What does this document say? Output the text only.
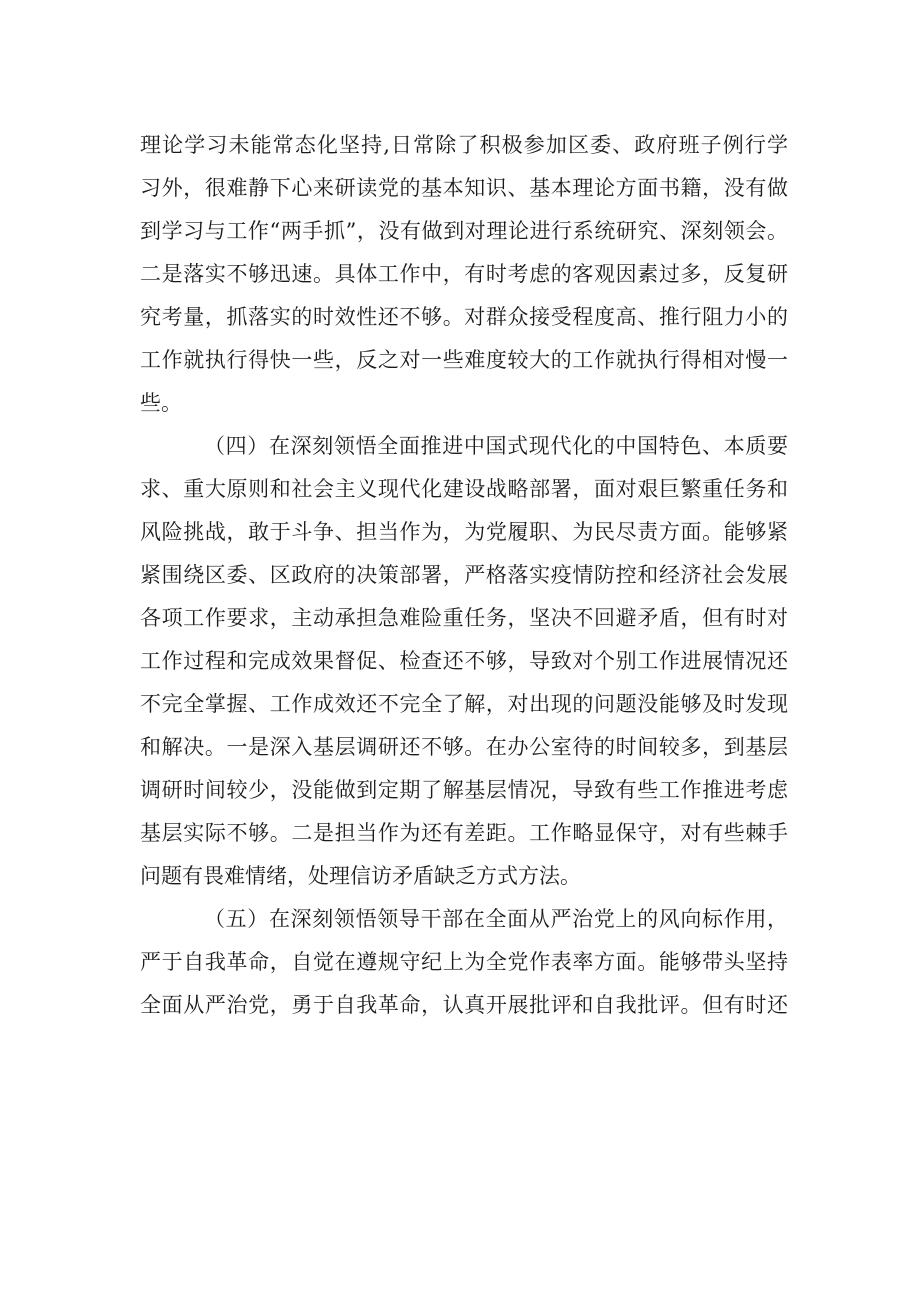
理论学习未能常态化坚持,日常除了积极参加区委、政府班子例行学
习外，很难静下心来研读党的基本知识、基本理论方面书籍，没有做
到学习与工作“两手抓”，没有做到对理论进行系统研究、深刻领会。
二是落实不够迅速。具体工作中，有时考虑的客观因素过多，反复研
究考量，抓落实的时效性还不够。对群众接受程度高、推行阻力小的
工作就执行得快一些，反之对一些难度较大的工作就执行得相对慢一
些。
（四）在深刻领悟全面推进中国式现代化的中国特色、本质要
求、重大原则和社会主义现代化建设战略部署，面对艰巨繁重任务和
风险挑战，敢于斗争、担当作为，为党履职、为民尽责方面。能够紧
紧围绕区委、区政府的决策部署，严格落实疫情防控和经济社会发展
各项工作要求，主动承担急难险重任务，坚决不回避矛盾，但有时对
工作过程和完成效果督促、检查还不够，导致对个别工作进展情况还
不完全掌握、工作成效还不完全了解，对出现的问题没能够及时发现
和解决。一是深入基层调研还不够。在办公室待的时间较多，到基层
调研时间较少，没能做到定期了解基层情况，导致有些工作推进考虑
基层实际不够。二是担当作为还有差距。工作略显保守，对有些棘手
问题有畏难情绪，处理信访矛盾缺乏方式方法。
（五）在深刻领悟领导干部在全面从严治党上的风向标作用，
严于自我革命，自觉在遵规守纪上为全党作表率方面。能够带头坚持
全面从严治党，勇于自我革命，认真开展批评和自我批评。但有时还
